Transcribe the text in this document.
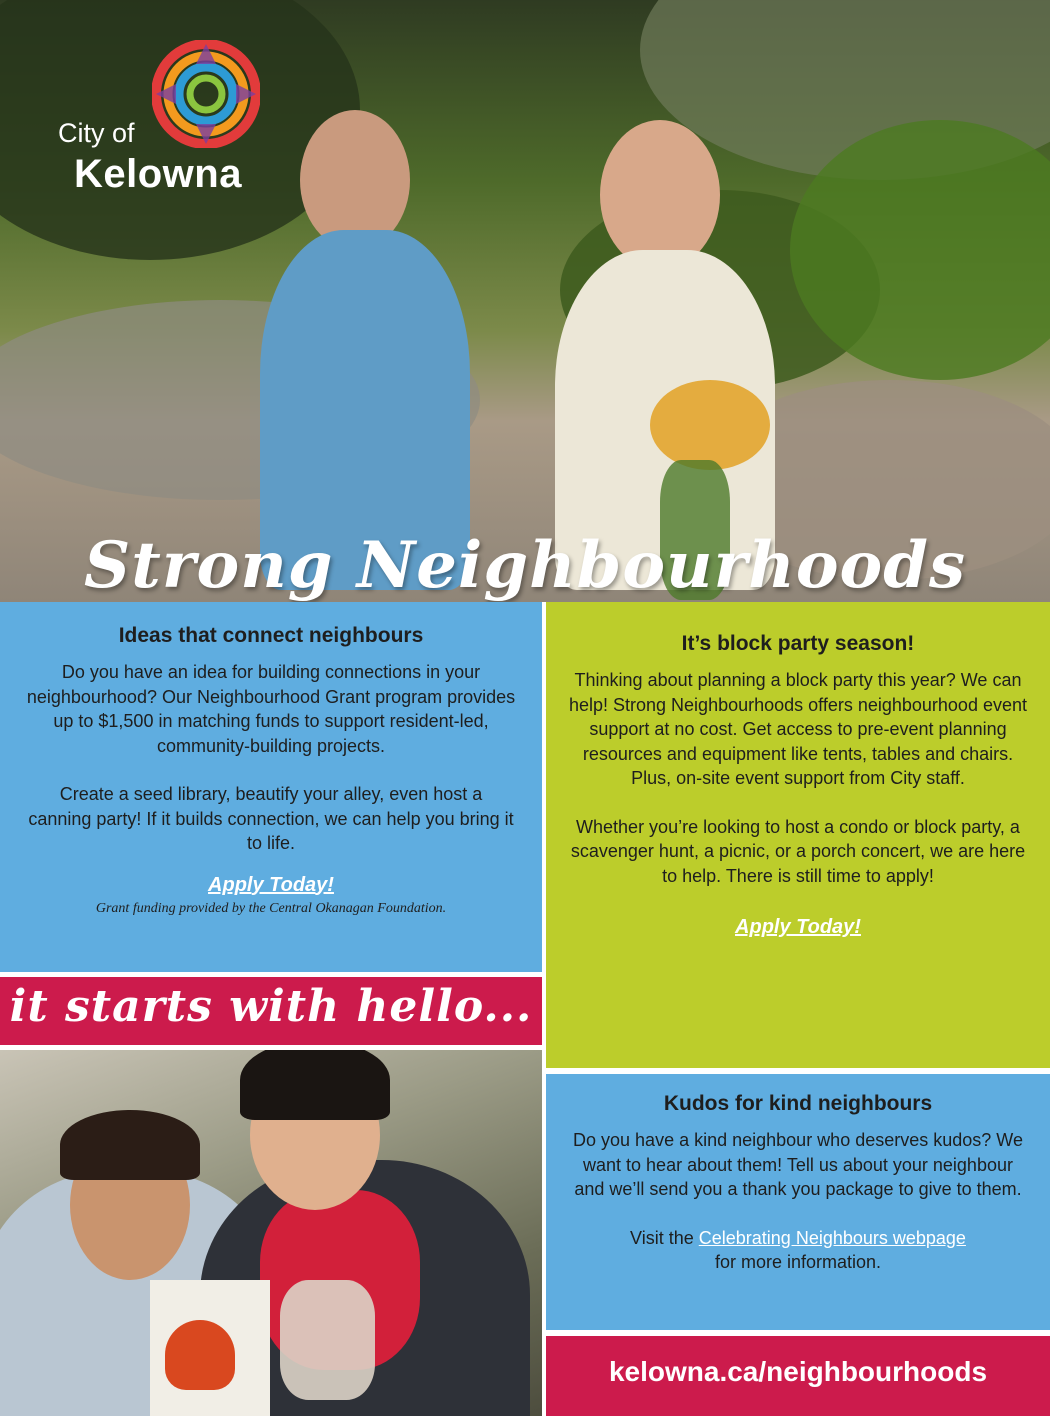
City of
Kelowna
Strong Neighbourhoods
Ideas that connect neighbours

Do you have an idea for building connections in your neighbourhood? Our Neighbourhood Grant program provides up to $1,500 in matching funds to support resident-led, community-building projects.

Create a seed library, beautify your alley, even host a canning party! If it builds connection, we can help you bring it to life.

Apply Today!

Grant funding provided by the Central Okanagan Foundation.

it starts with hello...
It’s block party season!

Thinking about planning a block party this year? We can help! Strong Neighbourhoods offers neighbourhood event support at no cost. Get access to pre-event planning resources and equipment like tents, tables and chairs. Plus, on-site event support from City staff.

Whether you’re looking to host a condo or block party, a scavenger hunt, a picnic, or a porch concert, we are here to help. There is still time to apply!

Apply Today!
Kudos for kind neighbours

Do you have a kind neighbour who deserves kudos? We want to hear about them! Tell us about your neighbour and we’ll send you a thank you package to give to them.

Visit the Celebrating Neighbours webpage
for more information.

kelowna.ca/neighbourhoods
